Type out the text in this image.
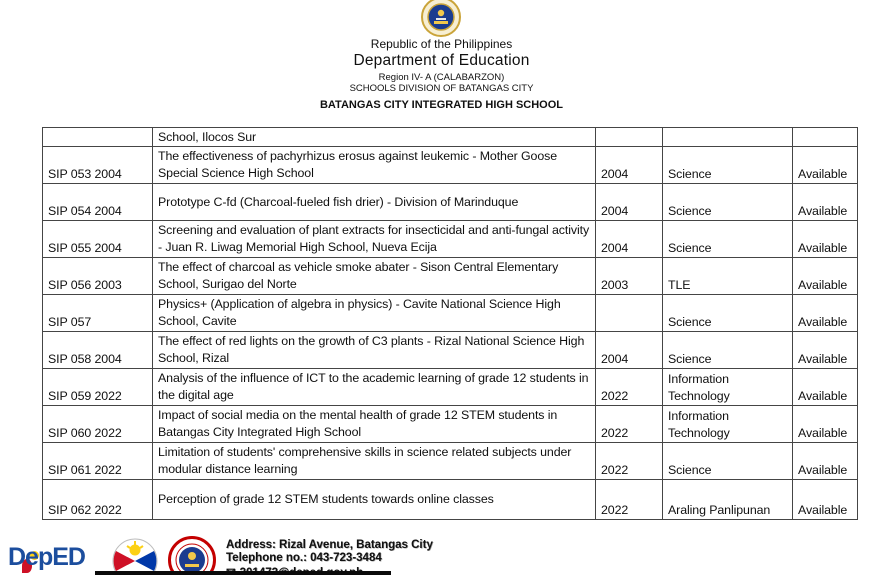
Republic of the Philippines
Department of Education
Region IV- A (CALABARZON)
SCHOOLS DIVISION OF BATANGAS CITY
BATANGAS CITY INTEGRATED HIGH SCHOOL
	School, Ilocos Sur			
SIP 053 2004	The effectiveness of pachyrhizus erosus against leukemic - Mother Goose Special Science High School	2004	Science	Available
SIP 054 2004	Prototype C-fd (Charcoal-fueled fish drier) - Division of Marinduque	2004	Science	Available
SIP 055 2004	Screening and evaluation of plant extracts for insecticidal and anti-fungal activity - Juan R. Liwag Memorial High School, Nueva Ecija	2004	Science	Available
SIP 056 2003	The effect of charcoal as vehicle smoke abater - Sison Central Elementary School, Surigao del Norte	2003	TLE	Available
SIP 057	Physics+ (Application of algebra in physics) - Cavite National Science High School, Cavite		Science	Available
SIP 058 2004	The effect of red lights on the growth of C3 plants - Rizal National Science High School, Rizal	2004	Science	Available
SIP 059 2022	Analysis of the influence of ICT to the academic learning of grade 12 students in the digital age	2022	Information Technology	Available
SIP 060 2022	Impact of social media on the mental health of grade 12 STEM students in Batangas City Integrated High School	2022	Information Technology	Available
SIP 061 2022	Limitation of students' comprehensive skills in science related subjects under modular distance learning	2022	Science	Available
SIP 062 2022	Perception of grade 12 STEM students towards online classes	2022	Araling Panlipunan	Available
DepED	Address: Rizal Avenue, Batangas City
Telephone no.: 043-723-3484
